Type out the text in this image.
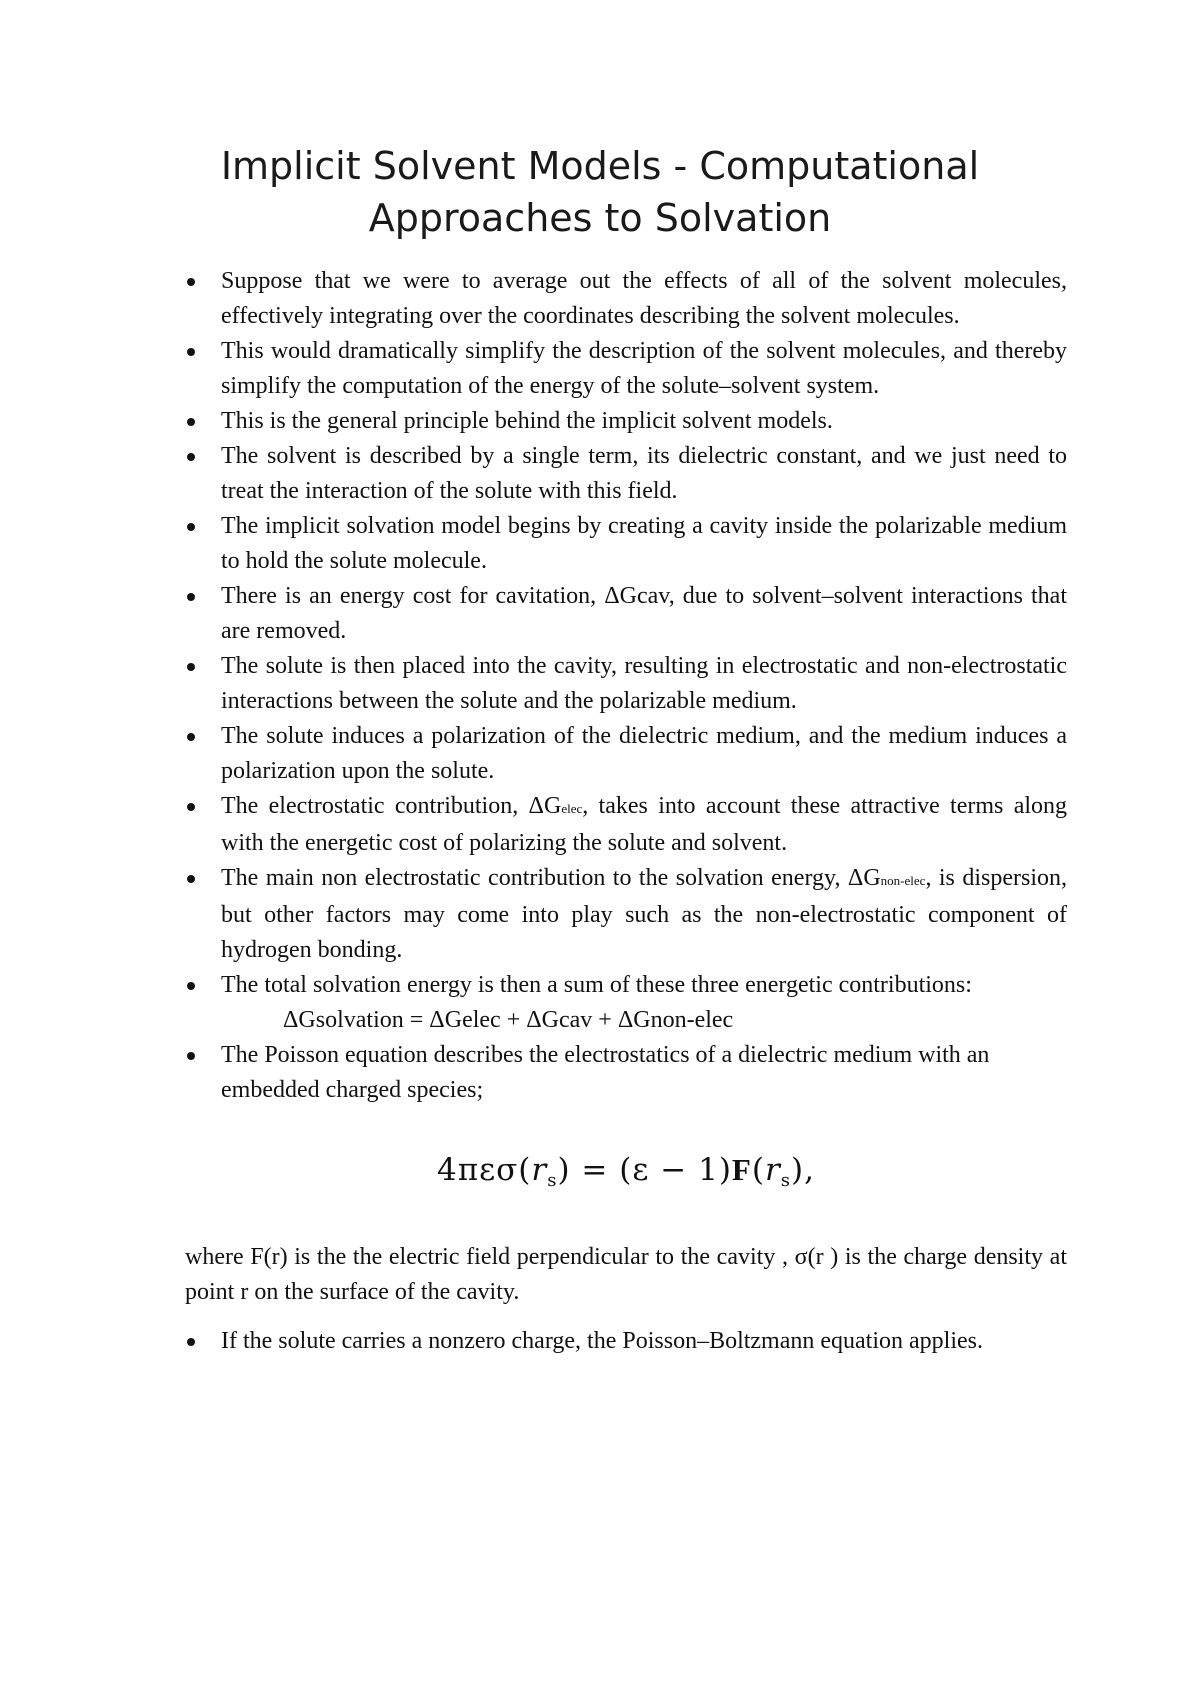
Implicit Solvent Models - Computational
Approaches to Solvation
Suppose that we were to average out the effects of all of the solvent molecules, effectively integrating over the coordinates describing the solvent molecules.
This would dramatically simplify the description of the solvent molecules, and thereby simplify the computation of the energy of the solute–solvent system.
This is the general principle behind the implicit solvent models.
The solvent is described by a single term, its dielectric constant, and we just need to treat the interaction of the solute with this field.
The implicit solvation model begins by creating a cavity inside the polarizable medium to hold the solute molecule.
There is an energy cost for cavitation, ΔGcav, due to solvent–solvent interactions that are removed.
The solute is then placed into the cavity, resulting in electrostatic and non-electrostatic interactions between the solute and the polarizable medium.
The solute induces a polarization of the dielectric medium, and the medium induces a polarization upon the solute.
The electrostatic contribution, ΔGelec, takes into account these attractive terms along with the energetic cost of polarizing the solute and solvent.
The main non electrostatic contribution to the solvation energy, ΔGnon-elec, is dispersion, but other factors may come into play such as the non-electrostatic component of hydrogen bonding.
The total solvation energy is then a sum of these three energetic contributions:
ΔGsolvation = ΔGelec + ΔGcav + ΔGnon-elec
The Poisson equation describes the electrostatics of a dielectric medium with an embedded charged species;
4πεσ(rs) = (ε − 1)F(rs),

where F(r) is the the electric field perpendicular to the cavity , σ(r ) is the charge density at point r on the surface of the cavity.

If the solute carries a nonzero charge, the Poisson–Boltzmann equation applies.
